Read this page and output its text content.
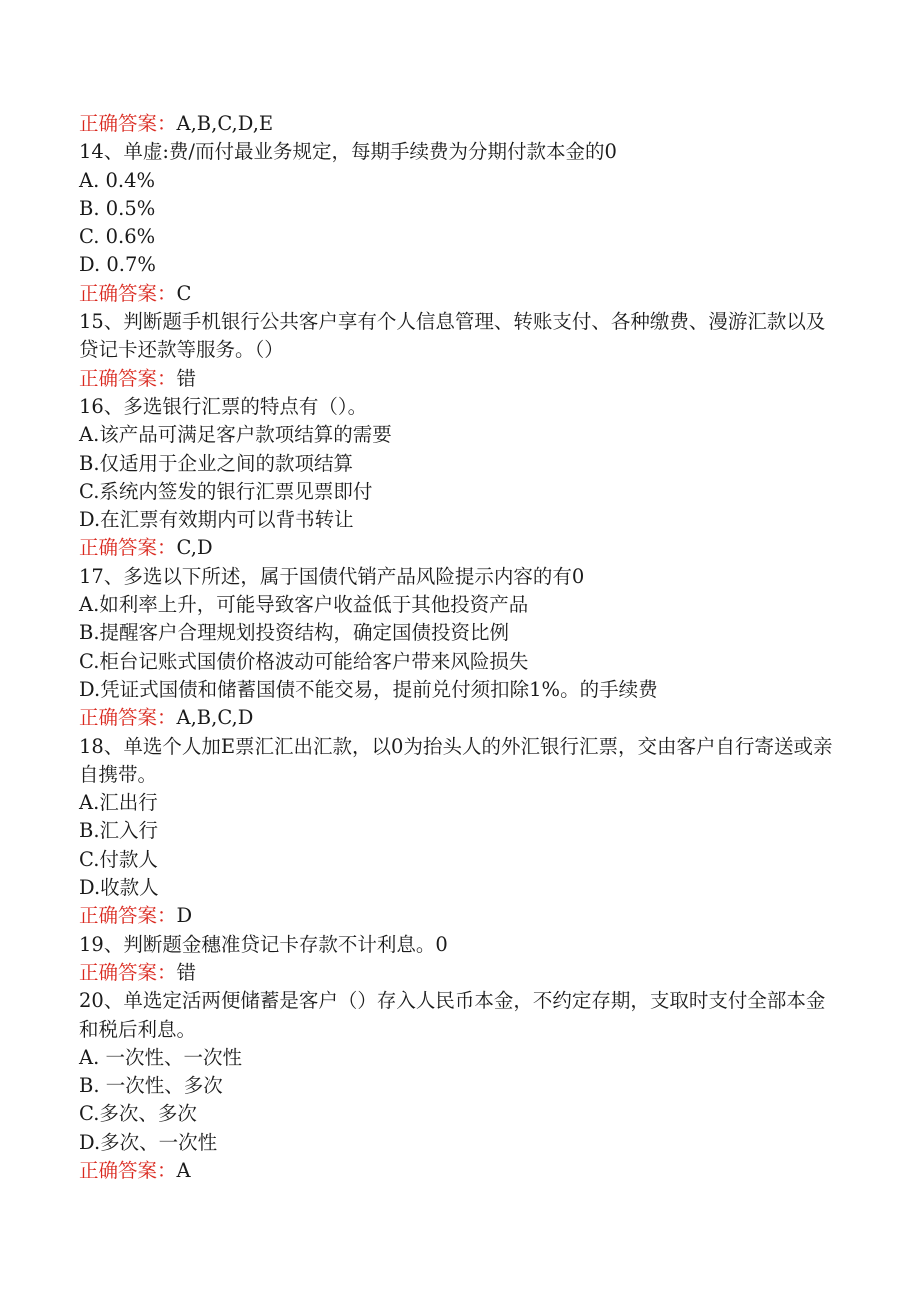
正确答案：A,B,C,D,E
14、单虚:费/而付最业务规定，每期手续费为分期付款本金的0
A. 0.4%
B. 0.5%
C. 0.6%
D. 0.7%
正确答案：C
15、判断题手机银行公共客户享有个人信息管理、转账支付、各种缴费、漫游汇款以及贷记卡还款等服务。（）
正确答案：错
16、多选银行汇票的特点有（）。
A.该产品可满足客户款项结算的需要
B.仅适用于企业之间的款项结算
C.系统内签发的银行汇票见票即付
D.在汇票有效期内可以背书转让
正确答案：C,D
17、多选以下所述，属于国债代销产品风险提示内容的有0
A.如利率上升，可能导致客户收益低于其他投资产品
B.提醒客户合理规划投资结构，确定国债投资比例
C.柜台记账式国债价格波动可能给客户带来风险损失
D.凭证式国债和储蓄国债不能交易，提前兑付须扣除1%。的手续费
正确答案：A,B,C,D
18、单选个人加E票汇汇出汇款，以0为抬头人的外汇银行汇票，交由客户自行寄送或亲自携带。
A.汇出行
B.汇入行
C.付款人
D.收款人
正确答案：D
19、判断题金穗准贷记卡存款不计利息。0
正确答案：错
20、单选定活两便储蓄是客户（）存入人民币本金，不约定存期，支取时支付全部本金和税后利息。
A. 一次性、一次性
B. 一次性、多次
C.多次、多次
D.多次、一次性
正确答案：A
